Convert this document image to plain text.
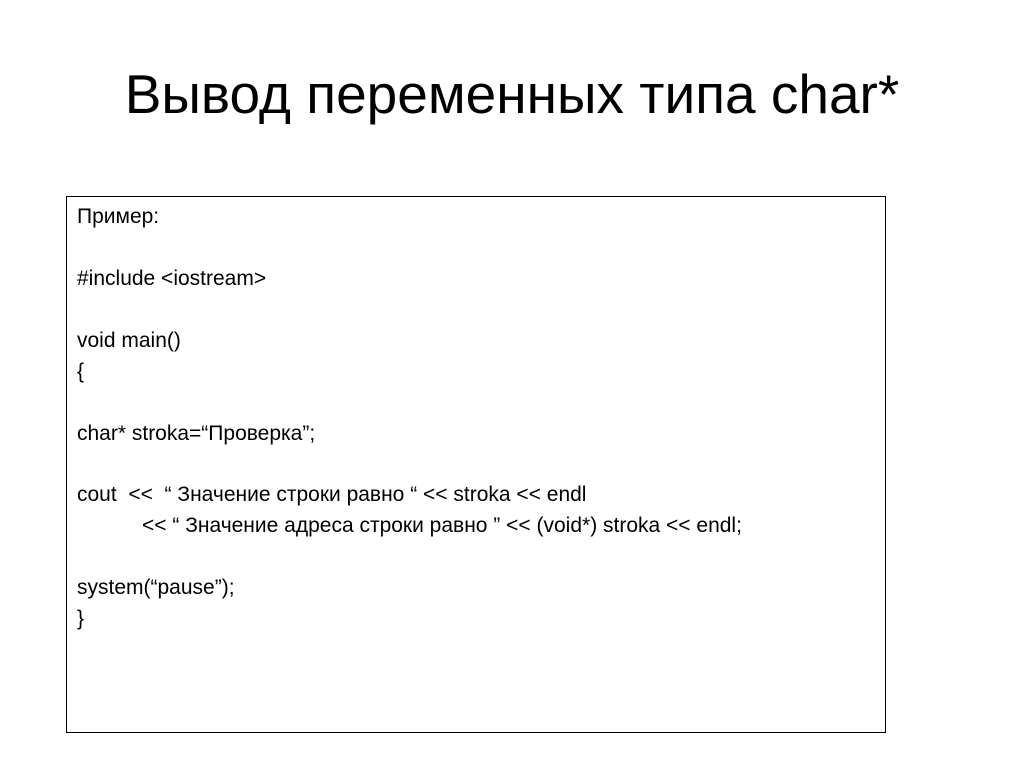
Вывод переменных типа char*
Пример:
#include <iostream>
void main()
{
char* stroka=“Проверка”;
cout  <<  “ Значение строки равно “ << stroka << endl
<< “ Значение адреса строки равно ” << (void*) stroka << endl;
system(“pause”);
}
